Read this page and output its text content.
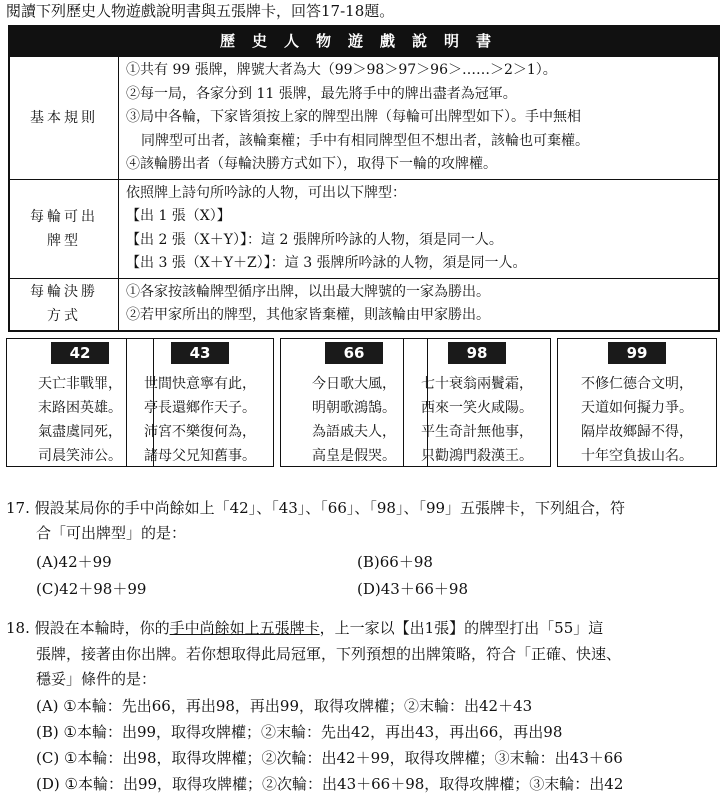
閱讀下列歷史人物遊戲說明書與五張牌卡，回答17-18題。
歷史人物遊戲說明書
基本規則
①共有 99 張牌，牌號大者為大（99＞98＞97＞96＞……＞2＞1）。
②每一局，各家分到 11 張牌，最先將手中的牌出盡者為冠軍。
③局中各輪，下家皆須按上家的牌型出牌（每輪可出牌型如下）。手中無相
同牌型可出者，該輪棄權；手中有相同牌型但不想出者，該輪也可棄權。
④該輪勝出者（每輪決勝方式如下），取得下一輪的攻牌權。
每輪可出
牌型
依照牌上詩句所吟詠的人物，可出以下牌型：
【出 1 張（X）】
【出 2 張（X＋Y）】：這 2 張牌所吟詠的人物，須是同一人。
【出 3 張（X＋Y＋Z）】：這 3 張牌所吟詠的人物，須是同一人。
每輪決勝
方式
①各家按該輪牌型循序出牌，以出最大牌號的一家為勝出。
②若甲家所出的牌型，其他家皆棄權，則該輪由甲家勝出。
42
天亡非戰罪，
末路困英雄。
氣盡虞同死，
司晨笑沛公。
43
世間快意寧有此，
亭長還鄉作天子。
沛宮不樂復何為，
諸母父兄知舊事。
66
今日歌大風，
明朝歌鴻鵠。
為語戚夫人，
高皇是假哭。
98
七十衰翁兩鬢霜，
西來一笑火咸陽。
平生奇計無他事，
只勸鴻門殺漢王。
99
不修仁德合文明，
天道如何擬力爭。
隔岸故鄉歸不得，
十年空負拔山名。
17. 假設某局你的手中尚餘如上「42」、「43」、「66」、「98」、「99」五張牌卡，下列組合，符
合「可出牌型」的是：
(A)42＋99	(B)66＋98
(C)42＋98＋99	(D)43＋66＋98
18. 假設在本輪時，你的手中尚餘如上五張牌卡，上一家以【出1張】的牌型打出「55」這
張牌，接著由你出牌。若你想取得此局冠軍，下列預想的出牌策略，符合「正確、快速、
穩妥」條件的是：
(A) ①本輪：先出66，再出98，再出99，取得攻牌權；②末輪：出42＋43
(B) ①本輪：出99，取得攻牌權；②末輪：先出42，再出43，再出66，再出98
(C) ①本輪：出98，取得攻牌權；②次輪：出42＋99，取得攻牌權；③末輪：出43＋66
(D) ①本輪：出99，取得攻牌權；②次輪：出43＋66＋98，取得攻牌權；③末輪：出42
